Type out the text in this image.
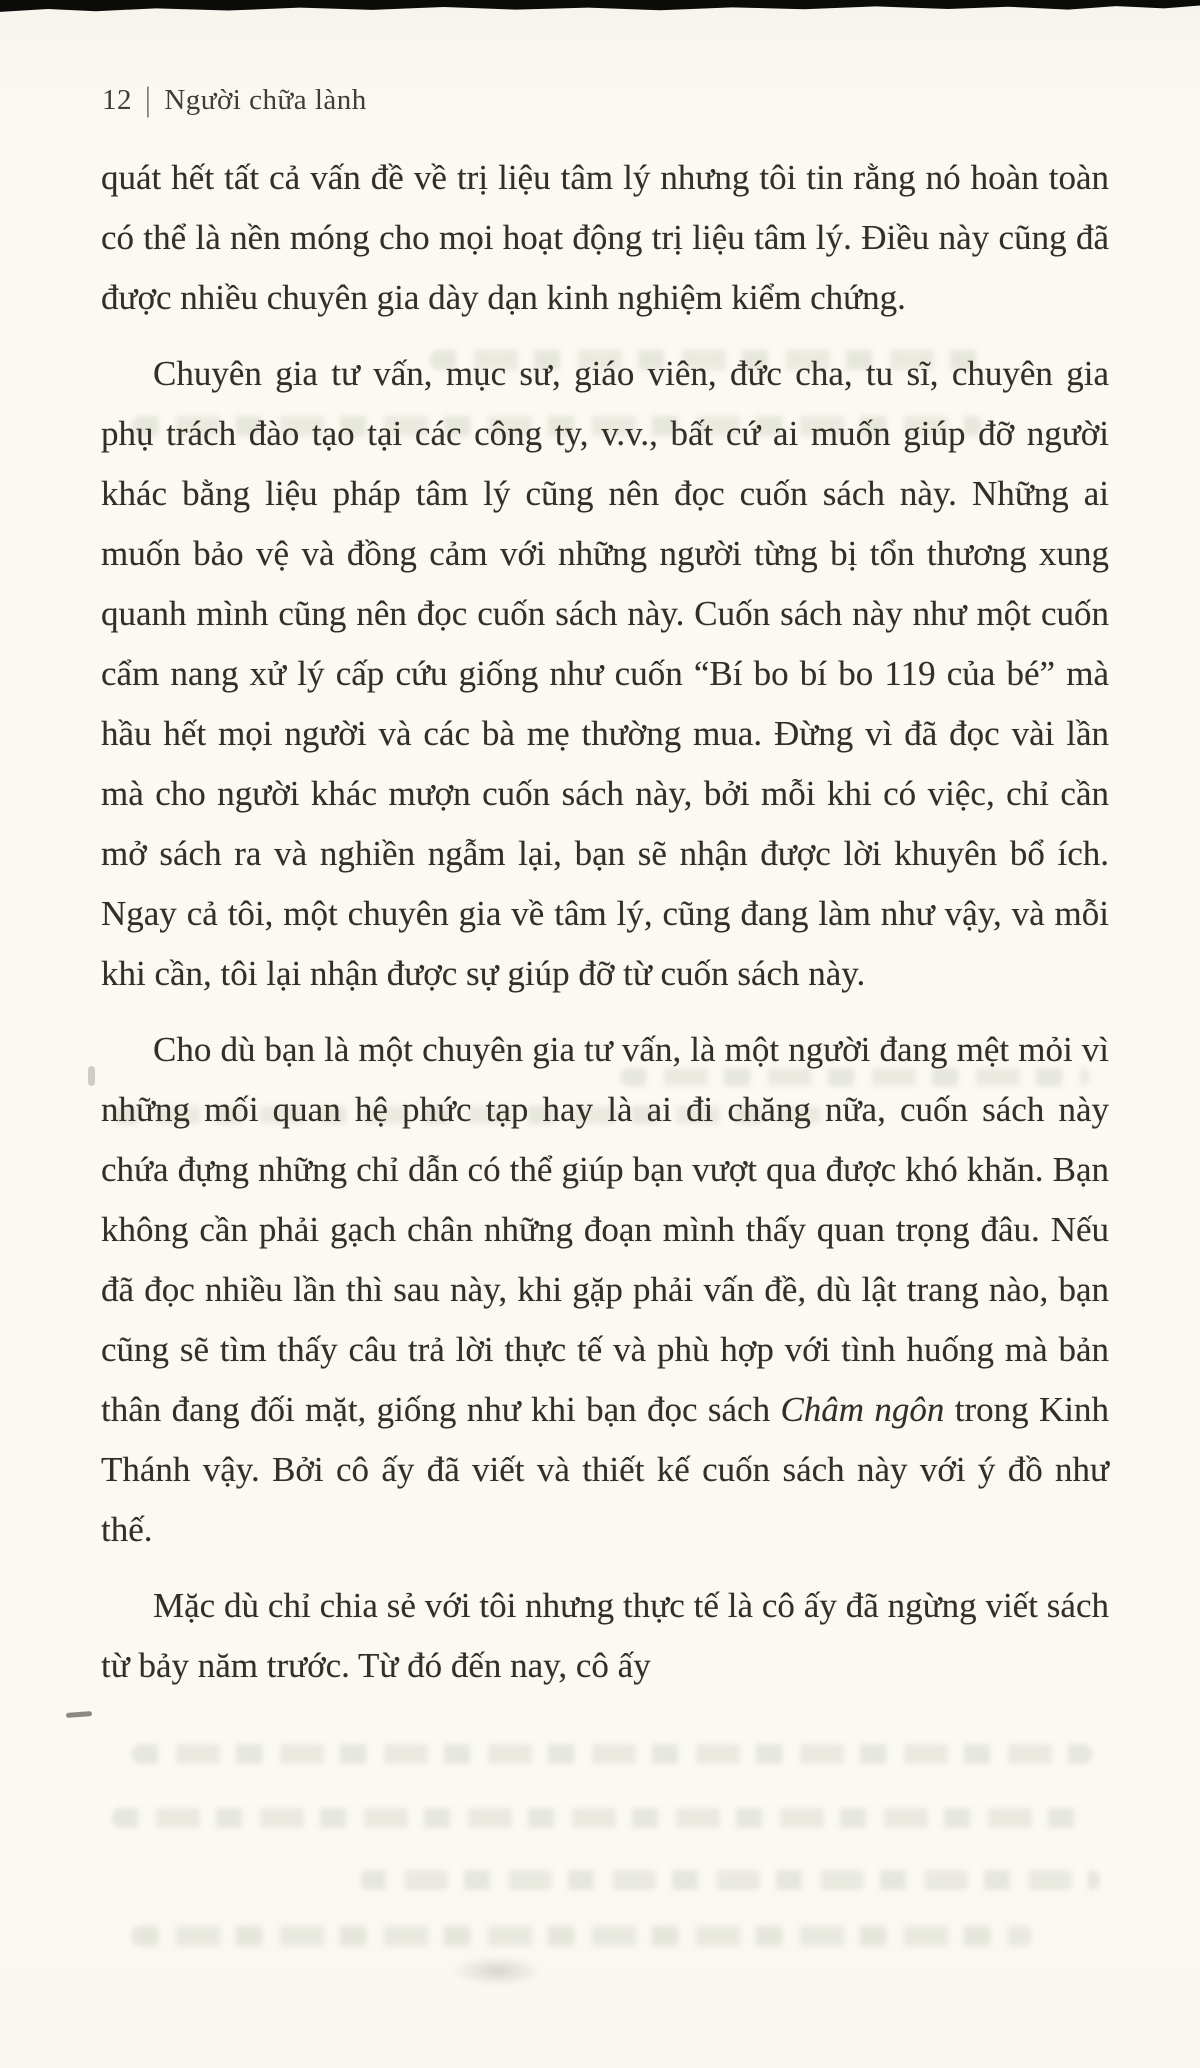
12 | Người chữa lành

quát hết tất cả vấn đề về trị liệu tâm lý nhưng tôi tin rằng nó hoàn toàn có thể là nền móng cho mọi hoạt động trị liệu tâm lý. Điều này cũng đã được nhiều chuyên gia dày dạn kinh nghiệm kiểm chứng.

Chuyên gia tư vấn, mục sư, giáo viên, đức cha, tu sĩ, chuyên gia phụ trách đào tạo tại các công ty, v.v., bất cứ ai muốn giúp đỡ người khác bằng liệu pháp tâm lý cũng nên đọc cuốn sách này. Những ai muốn bảo vệ và đồng cảm với những người từng bị tổn thương xung quanh mình cũng nên đọc cuốn sách này. Cuốn sách này như một cuốn cẩm nang xử lý cấp cứu giống như cuốn “Bí bo bí bo 119 của bé” mà hầu hết mọi người và các bà mẹ thường mua. Đừng vì đã đọc vài lần mà cho người khác mượn cuốn sách này, bởi mỗi khi có việc, chỉ cần mở sách ra và nghiền ngẫm lại, bạn sẽ nhận được lời khuyên bổ ích. Ngay cả tôi, một chuyên gia về tâm lý, cũng đang làm như vậy, và mỗi khi cần, tôi lại nhận được sự giúp đỡ từ cuốn sách này.

Cho dù bạn là một chuyên gia tư vấn, là một người đang mệt mỏi vì những mối quan hệ phức tạp hay là ai đi chăng nữa, cuốn sách này chứa đựng những chỉ dẫn có thể giúp bạn vượt qua được khó khăn. Bạn không cần phải gạch chân những đoạn mình thấy quan trọng đâu. Nếu đã đọc nhiều lần thì sau này, khi gặp phải vấn đề, dù lật trang nào, bạn cũng sẽ tìm thấy câu trả lời thực tế và phù hợp với tình huống mà bản thân đang đối mặt, giống như khi bạn đọc sách Châm ngôn trong Kinh Thánh vậy. Bởi cô ấy đã viết và thiết kế cuốn sách này với ý đồ như thế.

Mặc dù chỉ chia sẻ với tôi nhưng thực tế là cô ấy đã ngừng viết sách từ bảy năm trước. Từ đó đến nay, cô ấy
